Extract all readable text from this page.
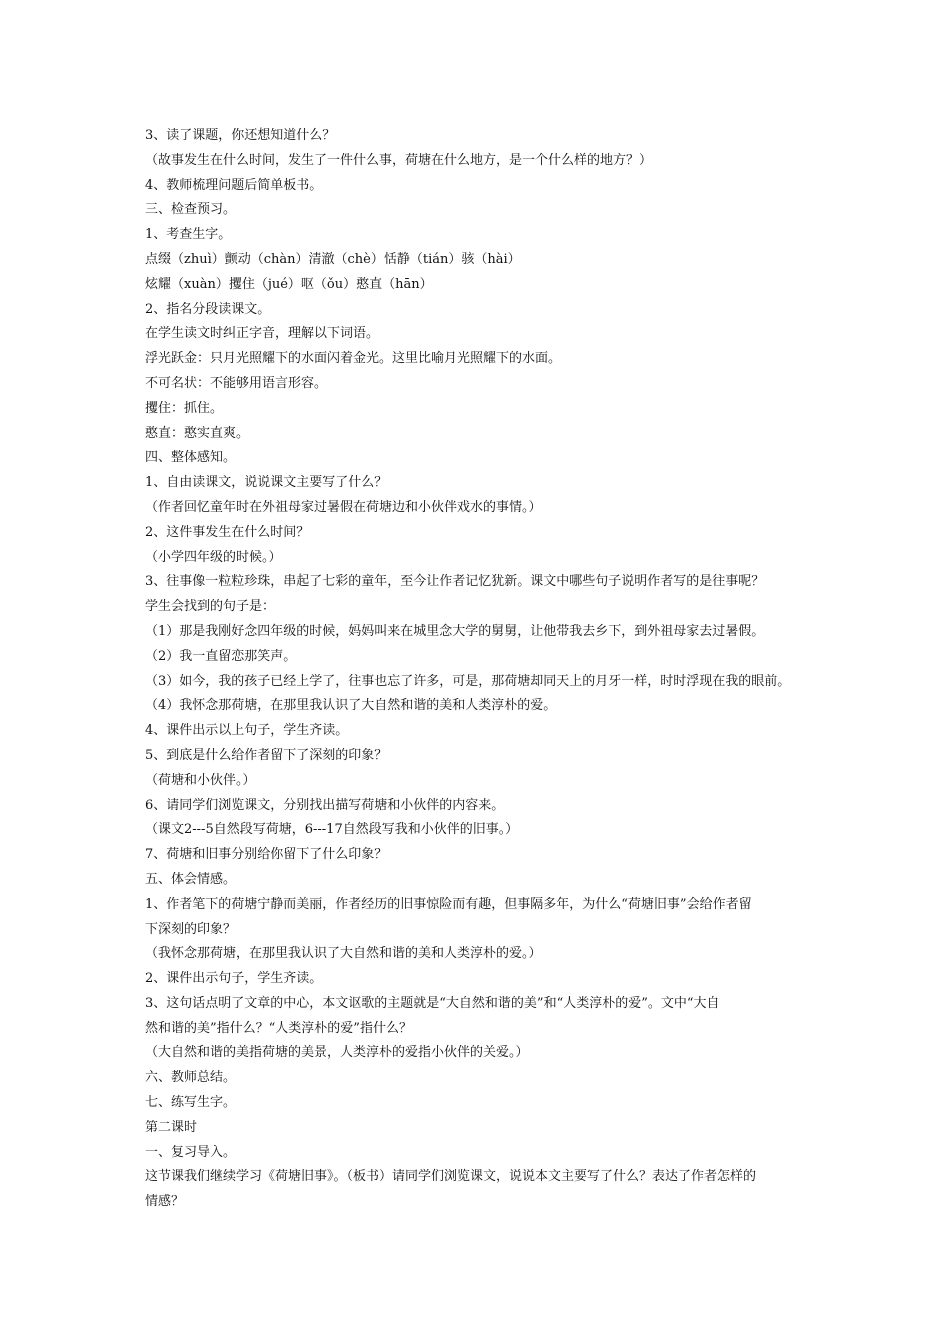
3、读了课题，你还想知道什么？
（故事发生在什么时间，发生了一件什么事，荷塘在什么地方，是一个什么样的地方？）
4、教师梳理问题后简单板书。
三、检查预习。
1、考查生字。
点缀（zhuì）颤动（chàn）清澈（chè）恬静（tián）骇（hài）
炫耀（xuàn）攫住（jué）呕（ǒu）憨直（hān）
2、指名分段读课文。
在学生读文时纠正字音，理解以下词语。
浮光跃金：只月光照耀下的水面闪着金光。这里比喻月光照耀下的水面。
不可名状：不能够用语言形容。
攫住：抓住。
憨直：憨实直爽。
四、整体感知。
1、自由读课文，说说课文主要写了什么？
（作者回忆童年时在外祖母家过暑假在荷塘边和小伙伴戏水的事情。）
2、这件事发生在什么时间？
（小学四年级的时候。）
3、往事像一粒粒珍珠，串起了七彩的童年，至今让作者记忆犹新。课文中哪些句子说明作者写的是往事呢？
学生会找到的句子是：
（1）那是我刚好念四年级的时候，妈妈叫来在城里念大学的舅舅，让他带我去乡下，到外祖母家去过暑假。
（2）我一直留恋那笑声。
（3）如今，我的孩子已经上学了，往事也忘了许多，可是，那荷塘却同天上的月牙一样，时时浮现在我的眼前。
（4）我怀念那荷塘，在那里我认识了大自然和谐的美和人类淳朴的爱。
4、课件出示以上句子，学生齐读。
5、到底是什么给作者留下了深刻的印象？
（荷塘和小伙伴。）
6、请同学们浏览课文，分别找出描写荷塘和小伙伴的内容来。
（课文2---5自然段写荷塘，6---17自然段写我和小伙伴的旧事。）
7、荷塘和旧事分别给你留下了什么印象？
五、体会情感。
1、作者笔下的荷塘宁静而美丽，作者经历的旧事惊险而有趣，但事隔多年，为什么“荷塘旧事”会给作者留
下深刻的印象？
（我怀念那荷塘，在那里我认识了大自然和谐的美和人类淳朴的爱。）
2、课件出示句子，学生齐读。
3、这句话点明了文章的中心，本文讴歌的主题就是“大自然和谐的美”和“人类淳朴的爱”。文中“大自
然和谐的美”指什么？“人类淳朴的爱”指什么？
（大自然和谐的美指荷塘的美景，人类淳朴的爱指小伙伴的关爱。）
六、教师总结。
七、练写生字。
第二课时
一、复习导入。
这节课我们继续学习《荷塘旧事》。（板书）请同学们浏览课文，说说本文主要写了什么？表达了作者怎样的
情感？
